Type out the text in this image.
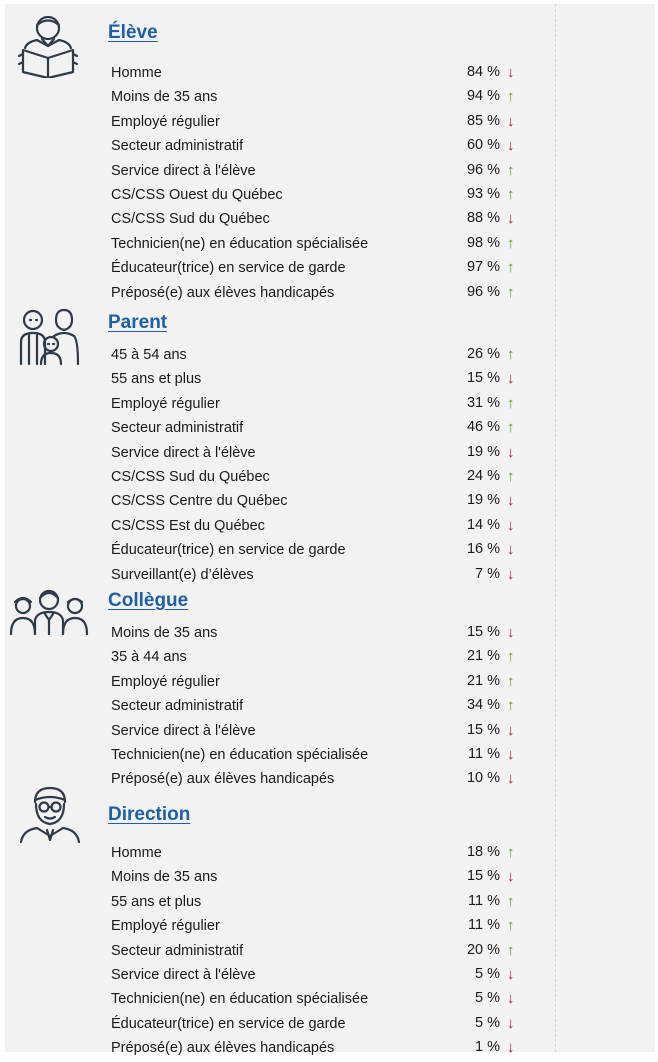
Élève
Homme	84 % ↓
Moins de 35 ans	94 % ↑
Employé régulier	85 % ↓
Secteur administratif	60 % ↓
Service direct à l'élève	96 % ↑
CS/CSS Ouest du Québec	93 % ↑
CS/CSS Sud du Québec	88 % ↓
Technicien(ne) en éducation spécialisée	98 % ↑
Éducateur(trice) en service de garde	97 % ↑
Préposé(e) aux élèves handicapés	96 % ↑
Parent
45 à 54 ans	26 % ↑
55 ans et plus	15 % ↓
Employé régulier	31 % ↑
Secteur administratif	46 % ↑
Service direct à l'élève	19 % ↓
CS/CSS Sud du Québec	24 % ↑
CS/CSS Centre du Québec	19 % ↓
CS/CSS Est du Québec	14 % ↓
Éducateur(trice) en service de garde	16 % ↓
Surveillant(e) d’élèves	7 % ↓
Collègue
Moins de 35 ans	15 % ↓
35 à 44 ans	21 % ↑
Employé régulier	21 % ↑
Secteur administratif	34 % ↑
Service direct à l'élève	15 % ↓
Technicien(ne) en éducation spécialisée	11 % ↓
Préposé(e) aux élèves handicapés	10 % ↓
Direction
Homme	18 % ↑
Moins de 35 ans	15 % ↓
55 ans et plus	11 % ↑
Employé régulier	11 % ↑
Secteur administratif	20 % ↑
Service direct à l'élève	5 % ↓
Technicien(ne) en éducation spécialisée	5 % ↓
Éducateur(trice) en service de garde	5 % ↓
Préposé(e) aux élèves handicapés	1 % ↓
